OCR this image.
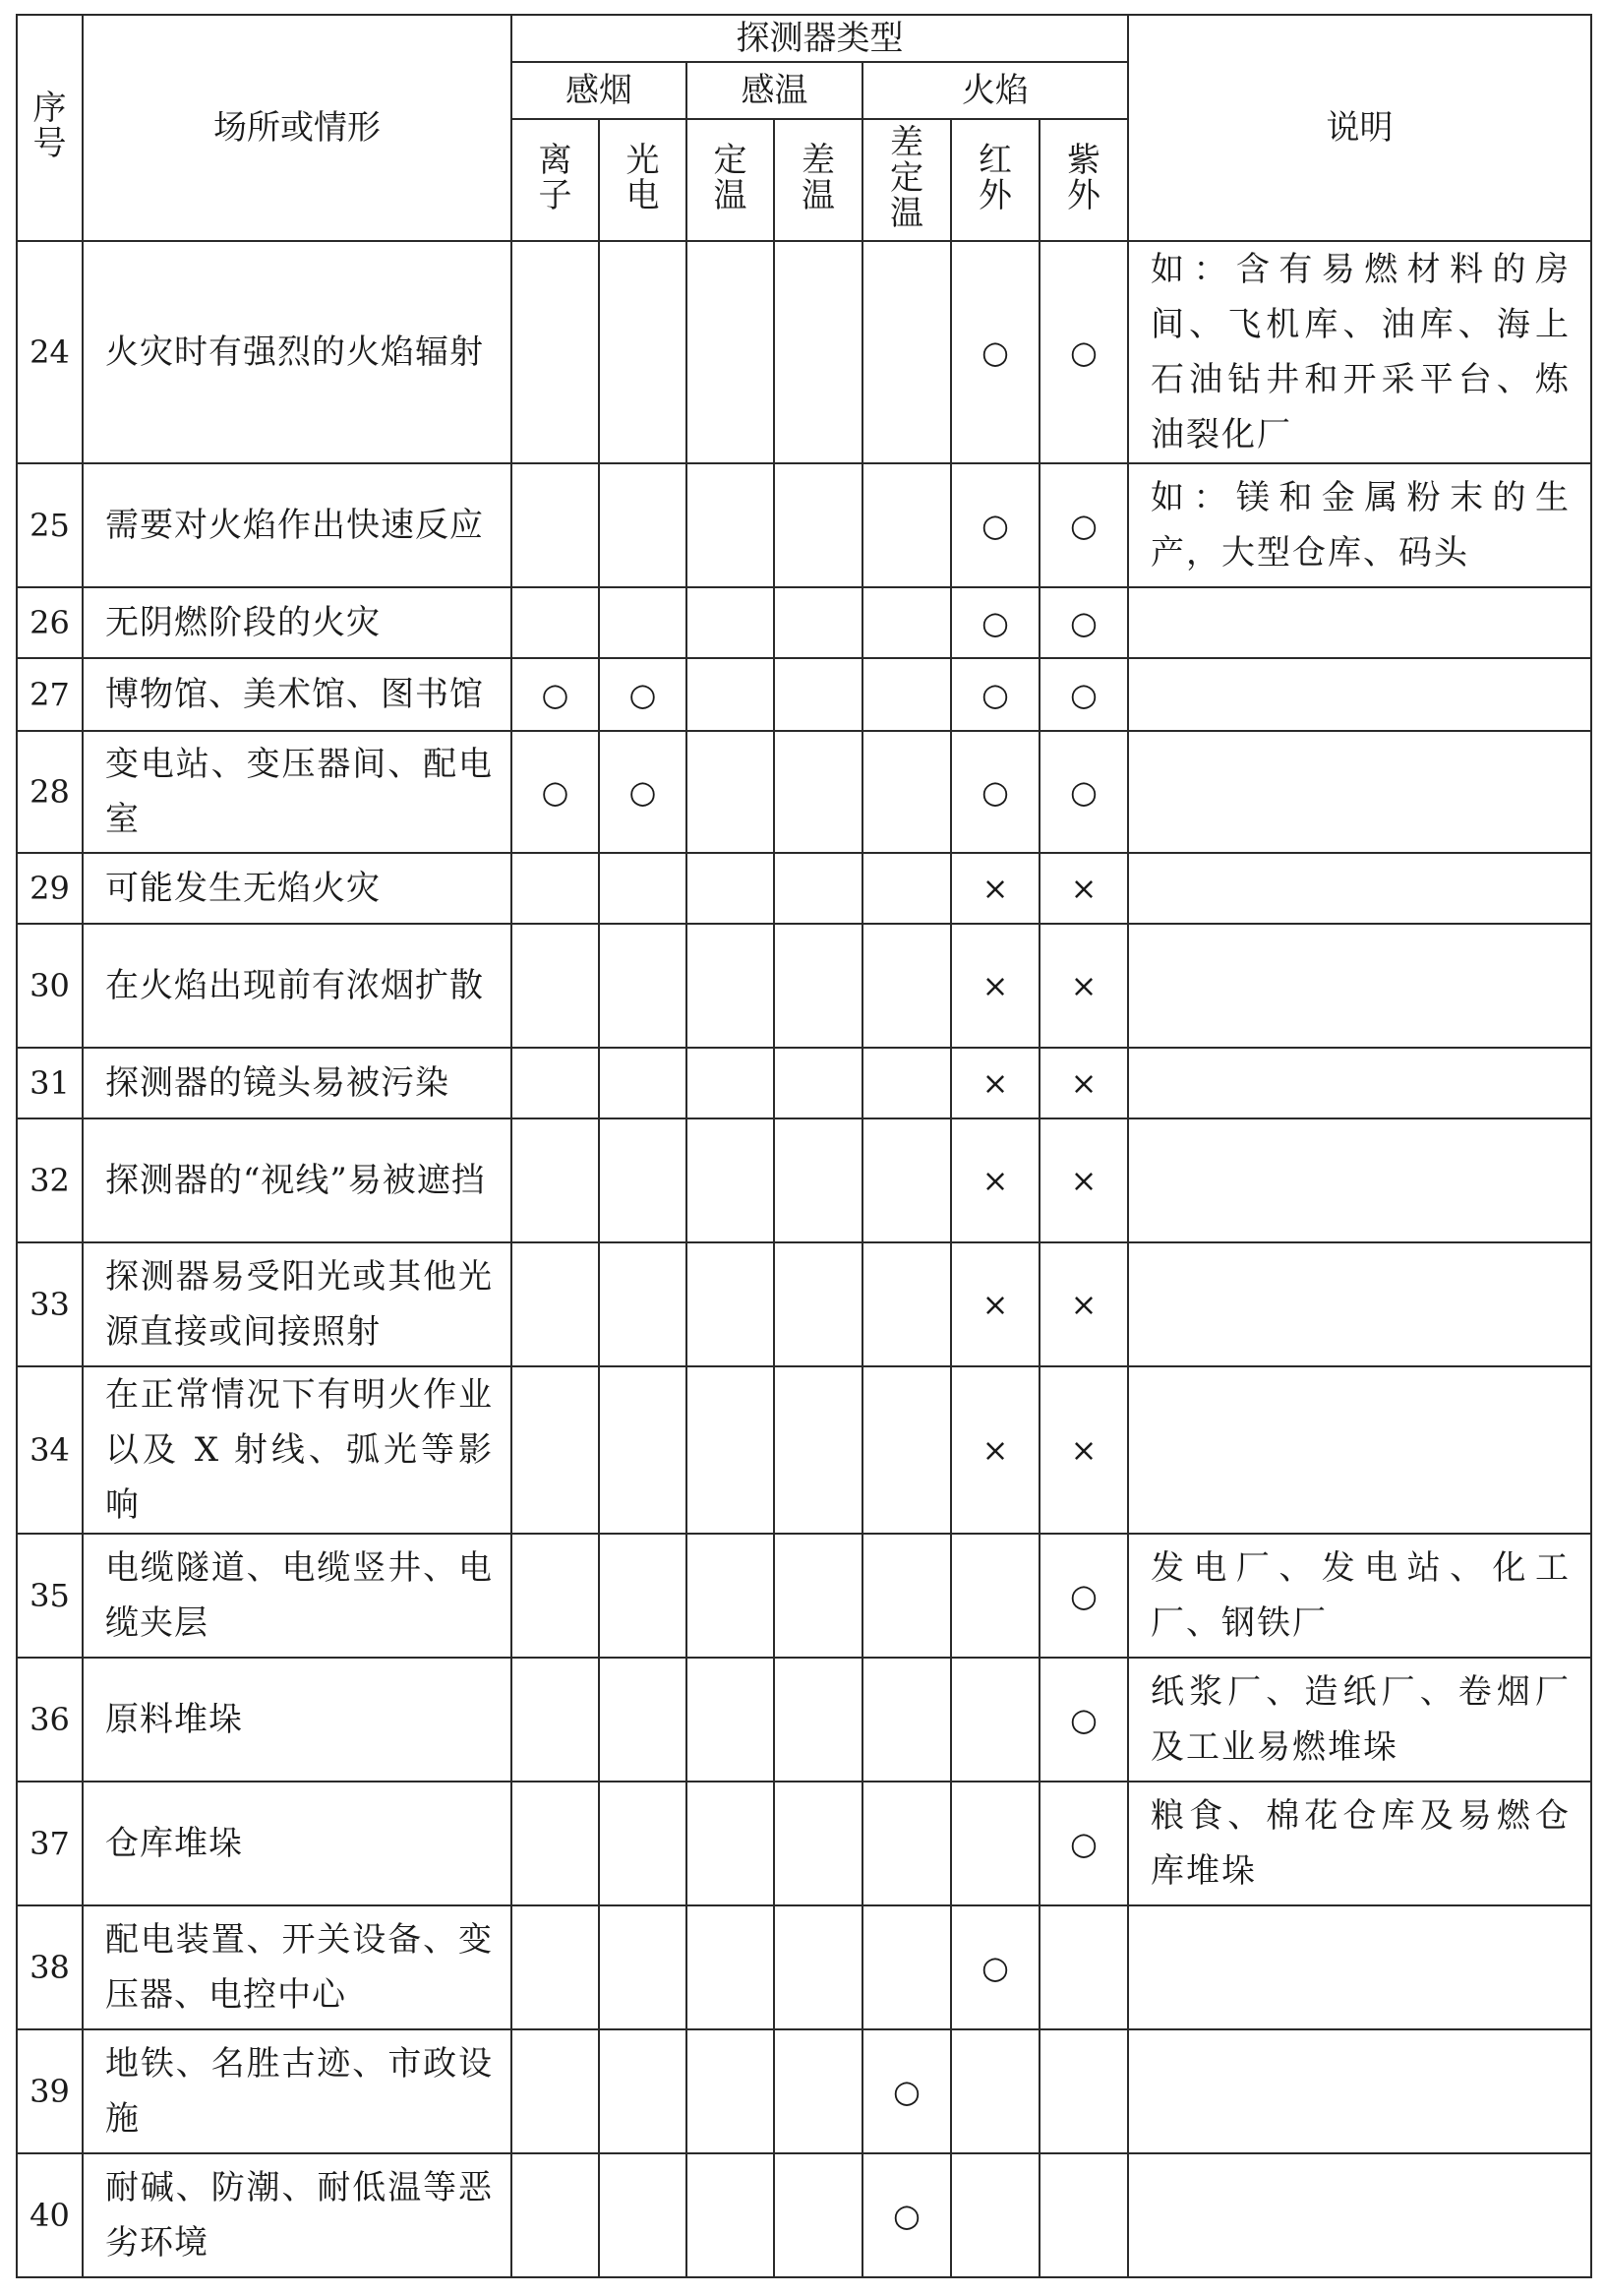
序号	场所或情形	探测器类型							说明
		感烟		感温		火焰			
		离子	光电	定温	差温	差定温	红外	紫外	
24	火灾时有强烈的火焰辐射						○	○	如：含有易燃材料的房间、飞机库、油库、海上石油钻井和开采平台、炼油裂化厂
25	需要对火焰作出快速反应						○	○	如：镁和金属粉末的生产，大型仓库、码头
26	无阴燃阶段的火灾						○	○	
27	博物馆、美术馆、图书馆	○	○				○	○	
28	变电站、变压器间、配电室	○	○				○	○	
29	可能发生无焰火灾						×	×	
30	在火焰出现前有浓烟扩散						×	×	
31	探测器的镜头易被污染						×	×	
32	探测器的“视线”易被遮挡						×	×	
33	探测器易受阳光或其他光源直接或间接照射						×	×	
34	在正常情况下有明火作业以及 X 射线、弧光等影响						×	×	
35	电缆隧道、电缆竖井、电缆夹层							○	发电厂、发电站、化工厂、钢铁厂
36	原料堆垛							○	纸浆厂、造纸厂、卷烟厂及工业易燃堆垛
37	仓库堆垛							○	粮食、棉花仓库及易燃仓库堆垛
38	配电装置、开关设备、变压器、电控中心						○		
39	地铁、名胜古迹、市政设施					○			
40	耐碱、防潮、耐低温等恶劣环境					○			
